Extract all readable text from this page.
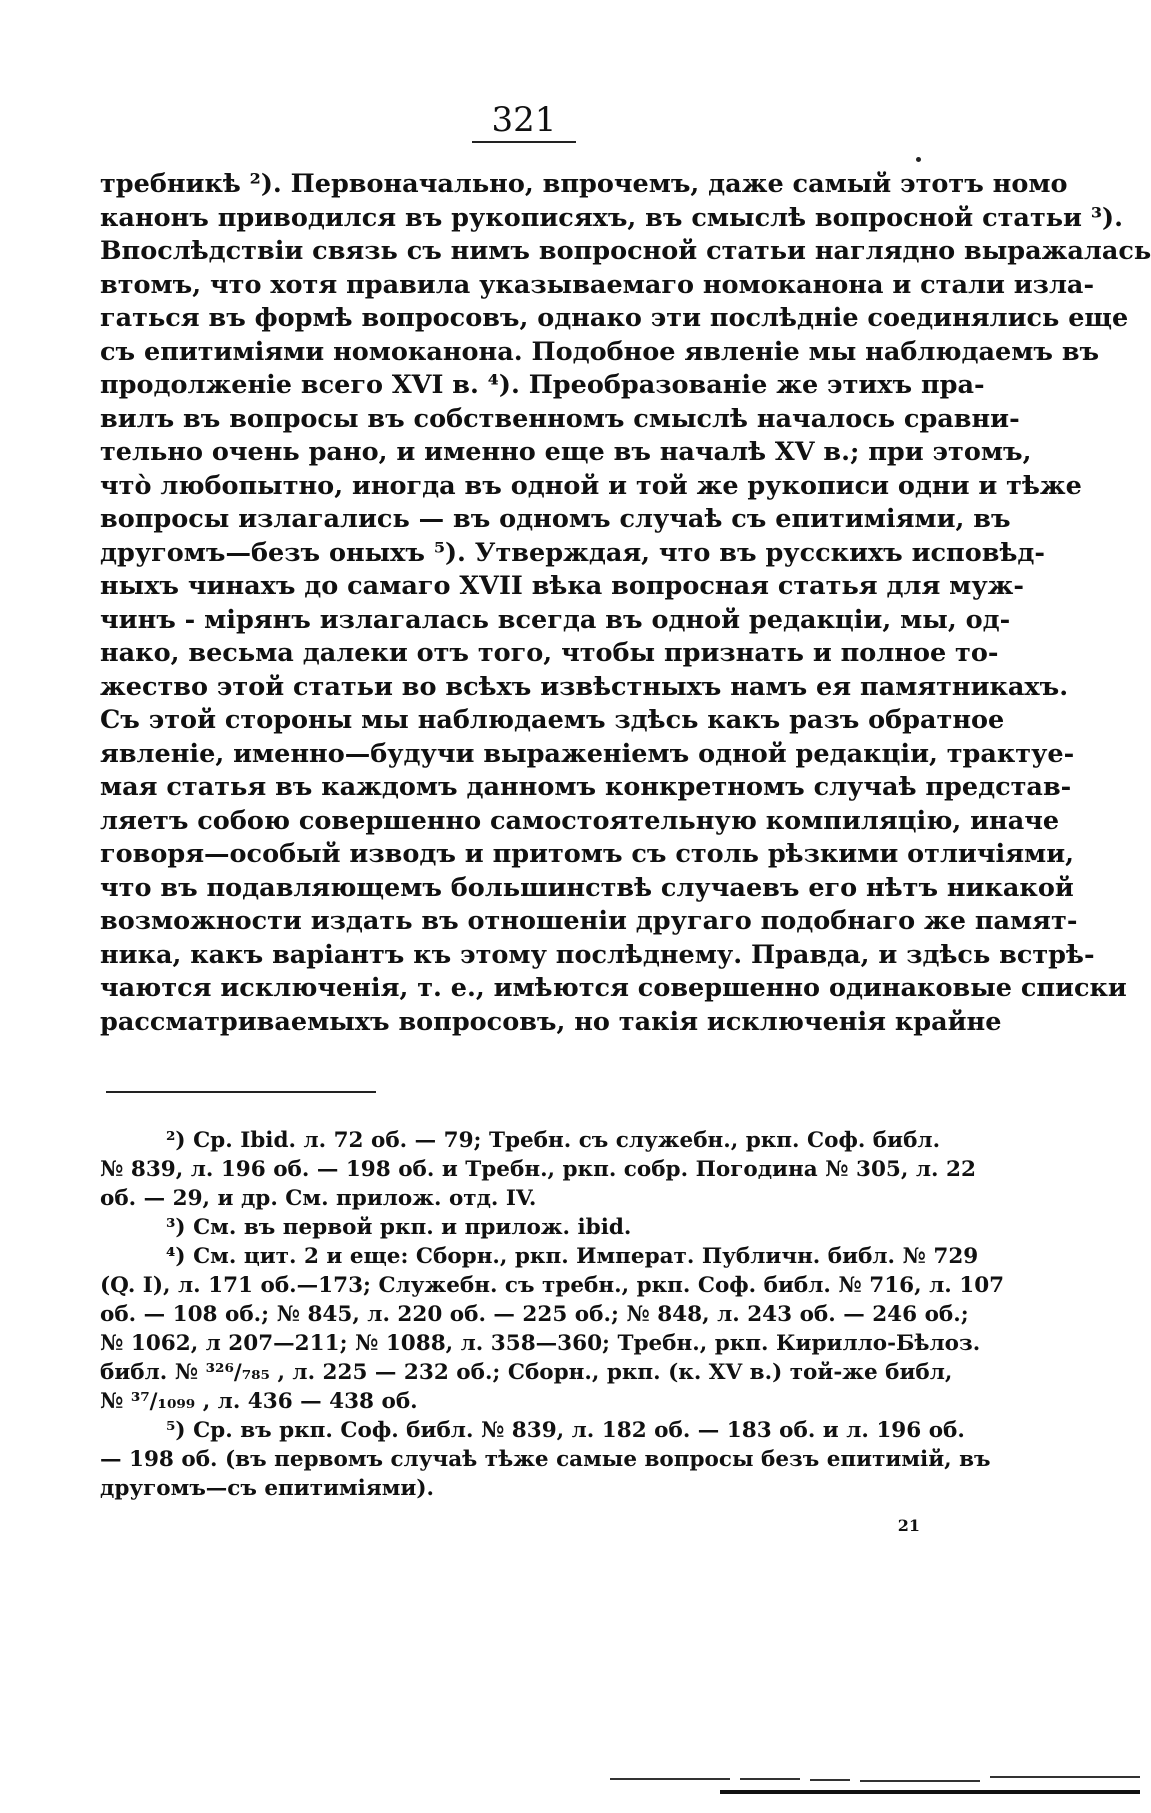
321
требникѣ ²). Первоначально, впрочемъ, даже самый этотъ номо
канонъ приводился въ рукописяхъ, въ смыслѣ вопросной статьи ³).
Впослѣдствіи связь съ нимъ вопросной статьи наглядно выражалась
втомъ, что хотя правила указываемаго номоканона и стали изла-
гаться въ формѣ вопросовъ, однако эти послѣдніе соединялись еще
съ епитиміями номоканона. Подобное явленіе мы наблюдаемъ въ
продолженіе всего XVI в. ⁴). Преобразованіе же этихъ пра-
вилъ въ вопросы въ собственномъ смыслѣ началось сравни-
тельно очень рано, и именно еще въ началѣ XV в.; при этомъ,
что̀ любопытно, иногда въ одной и той же рукописи одни и тѣже
вопросы излагались — въ одномъ случаѣ съ епитиміями, въ
другомъ—безъ оныхъ ⁵). Утверждая, что въ русскихъ исповѣд-
ныхъ чинахъ до самаго XVII вѣка вопросная статья для муж-
чинъ - мірянъ излагалась всегда въ одной редакціи, мы, од-
нако, весьма далеки отъ того, чтобы признать и полное то-
жество этой статьи во всѣхъ извѣстныхъ намъ ея памятникахъ.
Съ этой стороны мы наблюдаемъ здѣсь какъ разъ обратное
явленіе, именно—будучи выраженіемъ одной редакціи, трактуе-
мая статья въ каждомъ данномъ конкретномъ случаѣ представ-
ляетъ собою совершенно самостоятельную компиляцію, иначе
говоря—особый изводъ и притомъ съ столь рѣзкими отличіями,
что въ подавляющемъ большинствѣ случаевъ его нѣтъ никакой
возможности издать въ отношеніи другаго подобнаго же памят-
ника, какъ варіантъ къ этому послѣднему. Правда, и здѣсь встрѣ-
чаются исключенія, т. е., имѣются совершенно одинаковые списки
рассматриваемыхъ вопросовъ, но такія исключенія крайне
²) Ср. Ibid. л. 72 об. — 79; Требн. съ служебн., ркп. Соф. библ.
№ 839, л. 196 об. — 198 об. и Требн., ркп. собр. Погодина № 305, л. 22
об. — 29, и др. См. прилож. отд. IV.
³) См. въ первой ркп. и прилож. ibid.
⁴) См. цит. 2 и еще: Сборн., ркп. Императ. Публичн. библ. № 729
(Q. I), л. 171 об.—173; Служебн. съ требн., ркп. Соф. библ. № 716, л. 107
об. — 108 об.; № 845, л. 220 об. — 225 об.; № 848, л. 243 об. — 246 об.;
№ 1062, л 207—211; № 1088, л. 358—360; Требн., ркп. Кирилло-Бѣлоз.
библ. № ³²⁶/₇₈₅ , л. 225 — 232 об.; Сборн., ркп. (к. XV в.) той-же библ,
№ ³⁷/₁₀₉₉ , л. 436 — 438 об.
⁵) Ср. въ ркп. Соф. библ. № 839, л. 182 об. — 183 об. и л. 196 об.
— 198 об. (въ первомъ случаѣ тѣже самые вопросы безъ епитимій, въ
другомъ—съ епитиміями).
21
